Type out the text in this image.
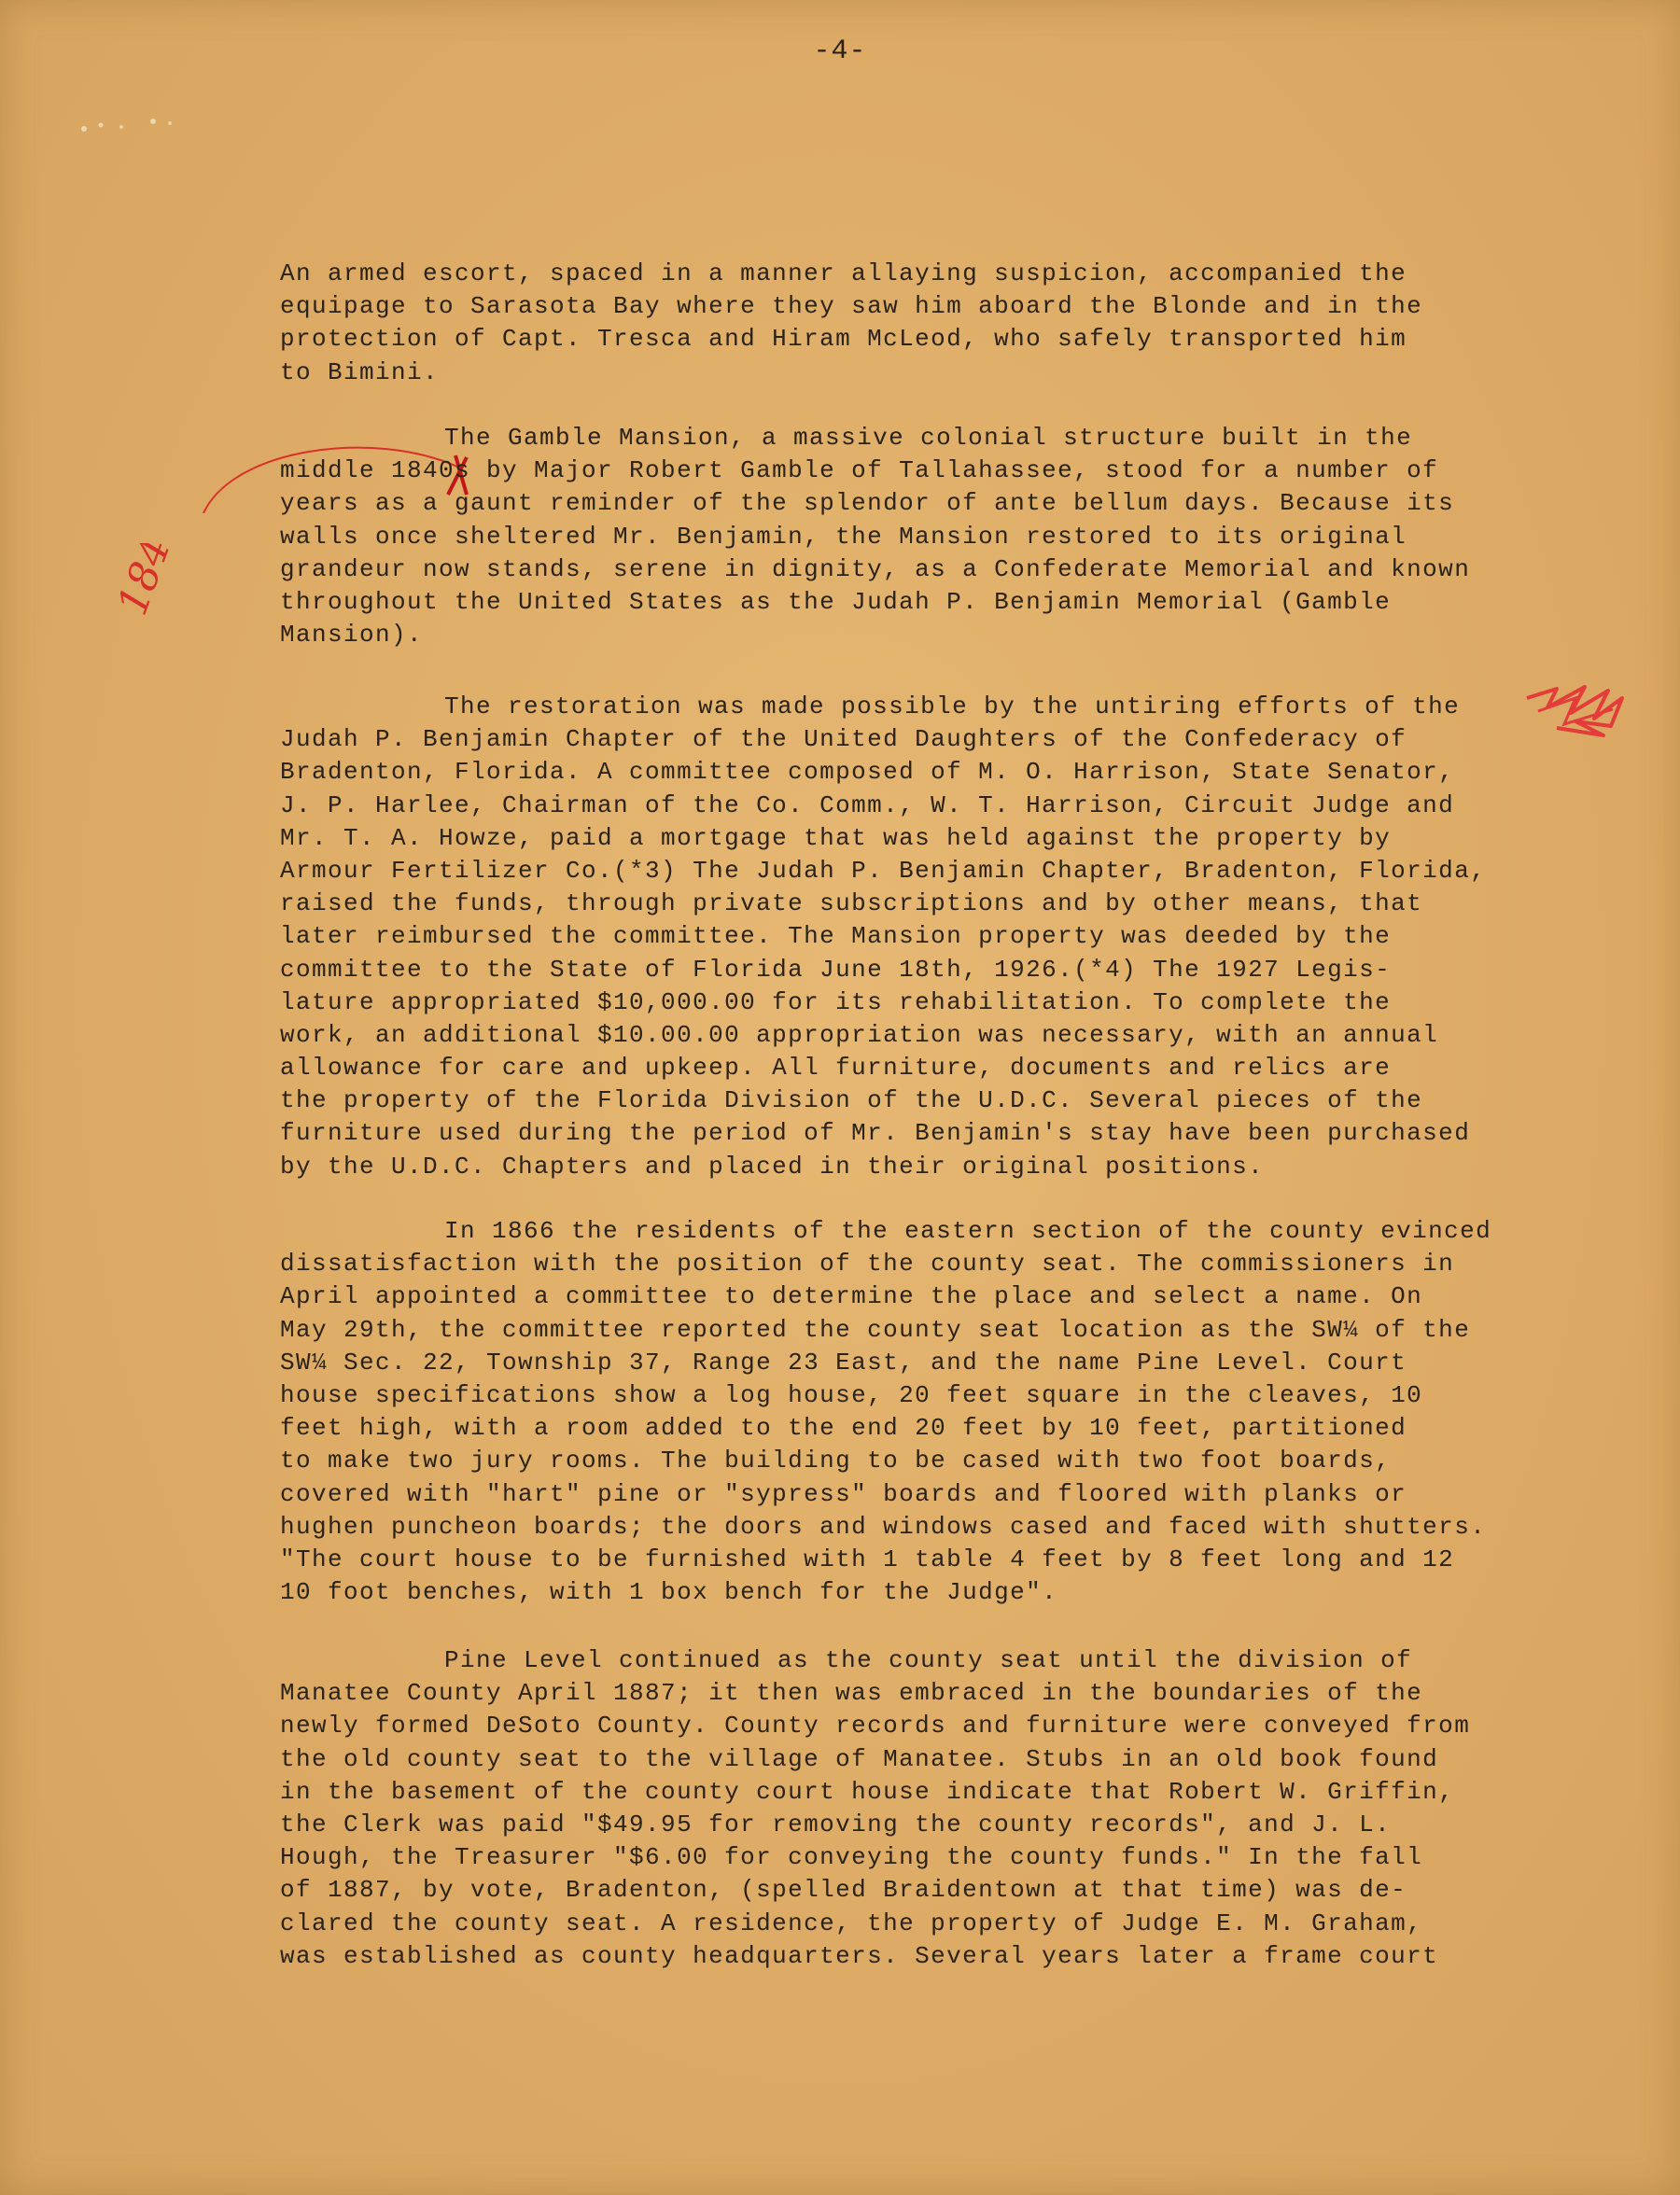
-4-
1840s
An armed escort, spaced in a manner allaying suspicion, accompanied the
equipage to Sarasota Bay where they saw him aboard the Blonde and in the
protection of Capt. Tresca and Hiram McLeod, who safely transported him
to Bimini.
The Gamble Mansion, a massive colonial structure built in the
middle 1840s by Major Robert Gamble of Tallahassee, stood for a number of
years as a gaunt reminder of the splendor of ante bellum days. Because its
walls once sheltered Mr. Benjamin, the Mansion restored to its original
grandeur now stands, serene in dignity, as a Confederate Memorial and known
throughout the United States as the Judah P. Benjamin Memorial (Gamble
Mansion).
The restoration was made possible by the untiring efforts of the
Judah P. Benjamin Chapter of the United Daughters of the Confederacy of
Bradenton, Florida. A committee composed of M. O. Harrison, State Senator,
J. P. Harlee, Chairman of the Co. Comm., W. T. Harrison, Circuit Judge and
Mr. T. A. Howze, paid a mortgage that was held against the property by
Armour Fertilizer Co.(*3) The Judah P. Benjamin Chapter, Bradenton, Florida,
raised the funds, through private subscriptions and by other means, that
later reimbursed the committee. The Mansion property was deeded by the
committee to the State of Florida June 18th, 1926.(*4) The 1927 Legis-
lature appropriated $10,000.00 for its rehabilitation. To complete the
work, an additional $10.00.00 appropriation was necessary, with an annual
allowance for care and upkeep. All furniture, documents and relics are
the property of the Florida Division of the U.D.C. Several pieces of the
furniture used during the period of Mr. Benjamin's stay have been purchased
by the U.D.C. Chapters and placed in their original positions.
In 1866 the residents of the eastern section of the county evinced
dissatisfaction with the position of the county seat. The commissioners in
April appointed a committee to determine the place and select a name. On
May 29th, the committee reported the county seat location as the SW¼ of the
SW¼ Sec. 22, Township 37, Range 23 East, and the name Pine Level. Court
house specifications show a log house, 20 feet square in the cleaves, 10
feet high, with a room added to the end 20 feet by 10 feet, partitioned
to make two jury rooms. The building to be cased with two foot boards,
covered with "hart" pine or "sypress" boards and floored with planks or
hughen puncheon boards; the doors and windows cased and faced with shutters.
"The court house to be furnished with 1 table 4 feet by 8 feet long and 12
10 foot benches, with 1 box bench for the Judge".
Pine Level continued as the county seat until the division of
Manatee County April 1887; it then was embraced in the boundaries of the
newly formed DeSoto County. County records and furniture were conveyed from
the old county seat to the village of Manatee. Stubs in an old book found
in the basement of the county court house indicate that Robert W. Griffin,
the Clerk was paid "$49.95 for removing the county records", and J. L.
Hough, the Treasurer "$6.00 for conveying the county funds." In the fall
of 1887, by vote, Bradenton, (spelled Braidentown at that time) was de-
clared the county seat. A residence, the property of Judge E. M. Graham,
was established as county headquarters. Several years later a frame court
